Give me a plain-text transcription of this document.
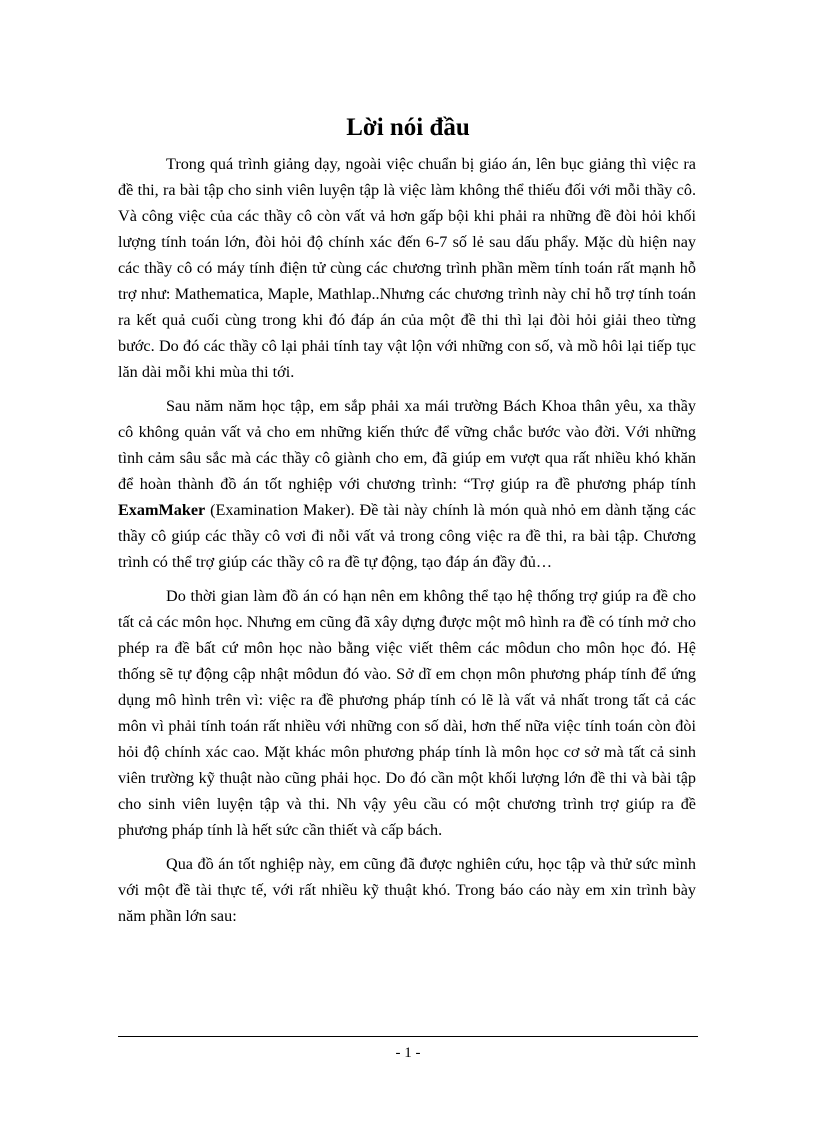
Lời nói đầu

Trong quá trình giảng dạy, ngoài việc chuẩn bị giáo án, lên bục giảng thì việc ra đề thi, ra bài tập cho sinh viên luyện tập là việc làm không thể thiếu đối với mỗi thầy cô. Và công việc của các thầy cô còn vất vả hơn gấp bội khi phải ra những đề đòi hỏi khối lượng tính toán lớn, đòi hỏi độ chính xác đến 6-7 số lẻ sau dấu phẩy. Mặc dù hiện nay các thầy cô có máy tính điện tử cùng các chương trình phần mềm tính toán rất mạnh hỗ trợ như: Mathematica, Maple, Mathlap..Nhưng các chương trình này chỉ hỗ trợ tính toán ra kết quả cuối cùng trong khi đó đáp án của một đề thi thì lại đòi hỏi giải theo từng bước. Do đó các thầy cô lại phải tính tay vật lộn với những con số, và mồ hôi lại tiếp tục lăn dài mỗi khi mùa thi tới.

Sau năm năm học tập, em sắp phải xa mái trường Bách Khoa thân yêu, xa thầy cô không quản vất vả cho em những kiến thức để vững chắc bước vào đời. Với những tình cảm sâu sắc mà các thầy cô giành cho em, đã giúp em vượt qua rất nhiều khó khăn để hoàn thành đồ án tốt nghiệp với chương trình: “Trợ giúp ra đề phương pháp tính ExamMaker (Examination Maker). Đề tài này chính là món quà nhỏ em dành tặng các thầy cô giúp các thầy cô vơi đi nỗi vất vả trong công việc ra đề thi, ra bài tập. Chương trình có thể trợ giúp các thầy cô ra đề tự động, tạo đáp án đầy đủ…

Do thời gian làm đồ án có hạn nên em không thể tạo hệ thống trợ giúp ra đề cho tất cả các môn học. Nhưng em cũng đã xây dựng được một mô hình ra đề có tính mở cho phép ra đề bất cứ môn học nào bằng việc viết thêm các môdun cho môn học đó. Hệ thống sẽ tự động cập nhật môdun đó vào. Sở dĩ em chọn môn phương pháp tính để ứng dụng mô hình trên vì: việc ra đề phương pháp tính có lẽ là vất vả nhất trong tất cả các môn vì phải tính toán rất nhiều với những con số dài, hơn thế nữa việc tính toán còn đòi hỏi độ chính xác cao. Mặt khác môn phương pháp tính là môn học cơ sở mà tất cả sinh viên trường kỹ thuật nào cũng phải học. Do đó cần một khối lượng lớn đề thi và bài tập cho sinh viên luyện tập và thi. Nh vậy yêu cầu có một chương trình trợ giúp ra đề phương pháp tính là hết sức cần thiết và cấp bách.

Qua đồ án tốt nghiệp này, em cũng đã được nghiên cứu, học tập và thử sức mình với một đề tài thực tế, với rất nhiều kỹ thuật khó. Trong báo cáo này em xin trình bày năm phần lớn sau:

- 1 -
